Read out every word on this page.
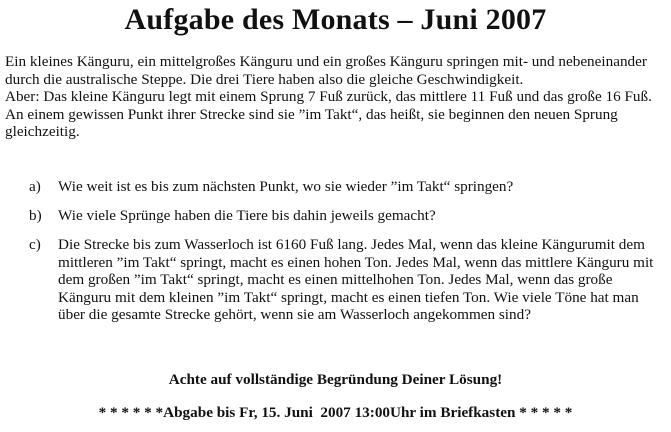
Aufgabe des Monats – Juni 2007

Ein kleines Känguru, ein mittelgroßes Känguru und ein großes Känguru springen mit- und nebeneinander durch die australische Steppe. Die drei Tiere haben also die gleiche Geschwindigkeit.

Aber: Das kleine Känguru legt mit einem Sprung 7 Fuß zurück, das mittlere 11 Fuß und das große 16 Fuß. An einem gewissen Punkt ihrer Strecke sind sie ”im Takt“, das heißt, sie beginnen den neuen Sprung gleichzeitig.

a) Wie weit ist es bis zum nächsten Punkt, wo sie wieder ”im Takt“ springen?
b) Wie viele Sprünge haben die Tiere bis dahin jeweils gemacht?
c) Die Strecke bis zum Wasserloch ist 6160 Fuß lang. Jedes Mal, wenn das kleine Kängurumit dem mittleren ”im Takt“ springt, macht es einen hohen Ton. Jedes Mal, wenn das mittlere Känguru mit dem großen ”im Takt“ springt, macht es einen mittelhohen Ton. Jedes Mal, wenn das große Känguru mit dem kleinen ”im Takt“ springt, macht es einen tiefen Ton. Wie viele Töne hat man über die gesamte Strecke gehört, wenn sie am Wasserloch angekommen sind?
Achte auf vollständige Begründung Deiner Lösung!
* * * * * *Abgabe bis Fr, 15. Juni  2007 13:00Uhr im Briefkasten * * * * *
